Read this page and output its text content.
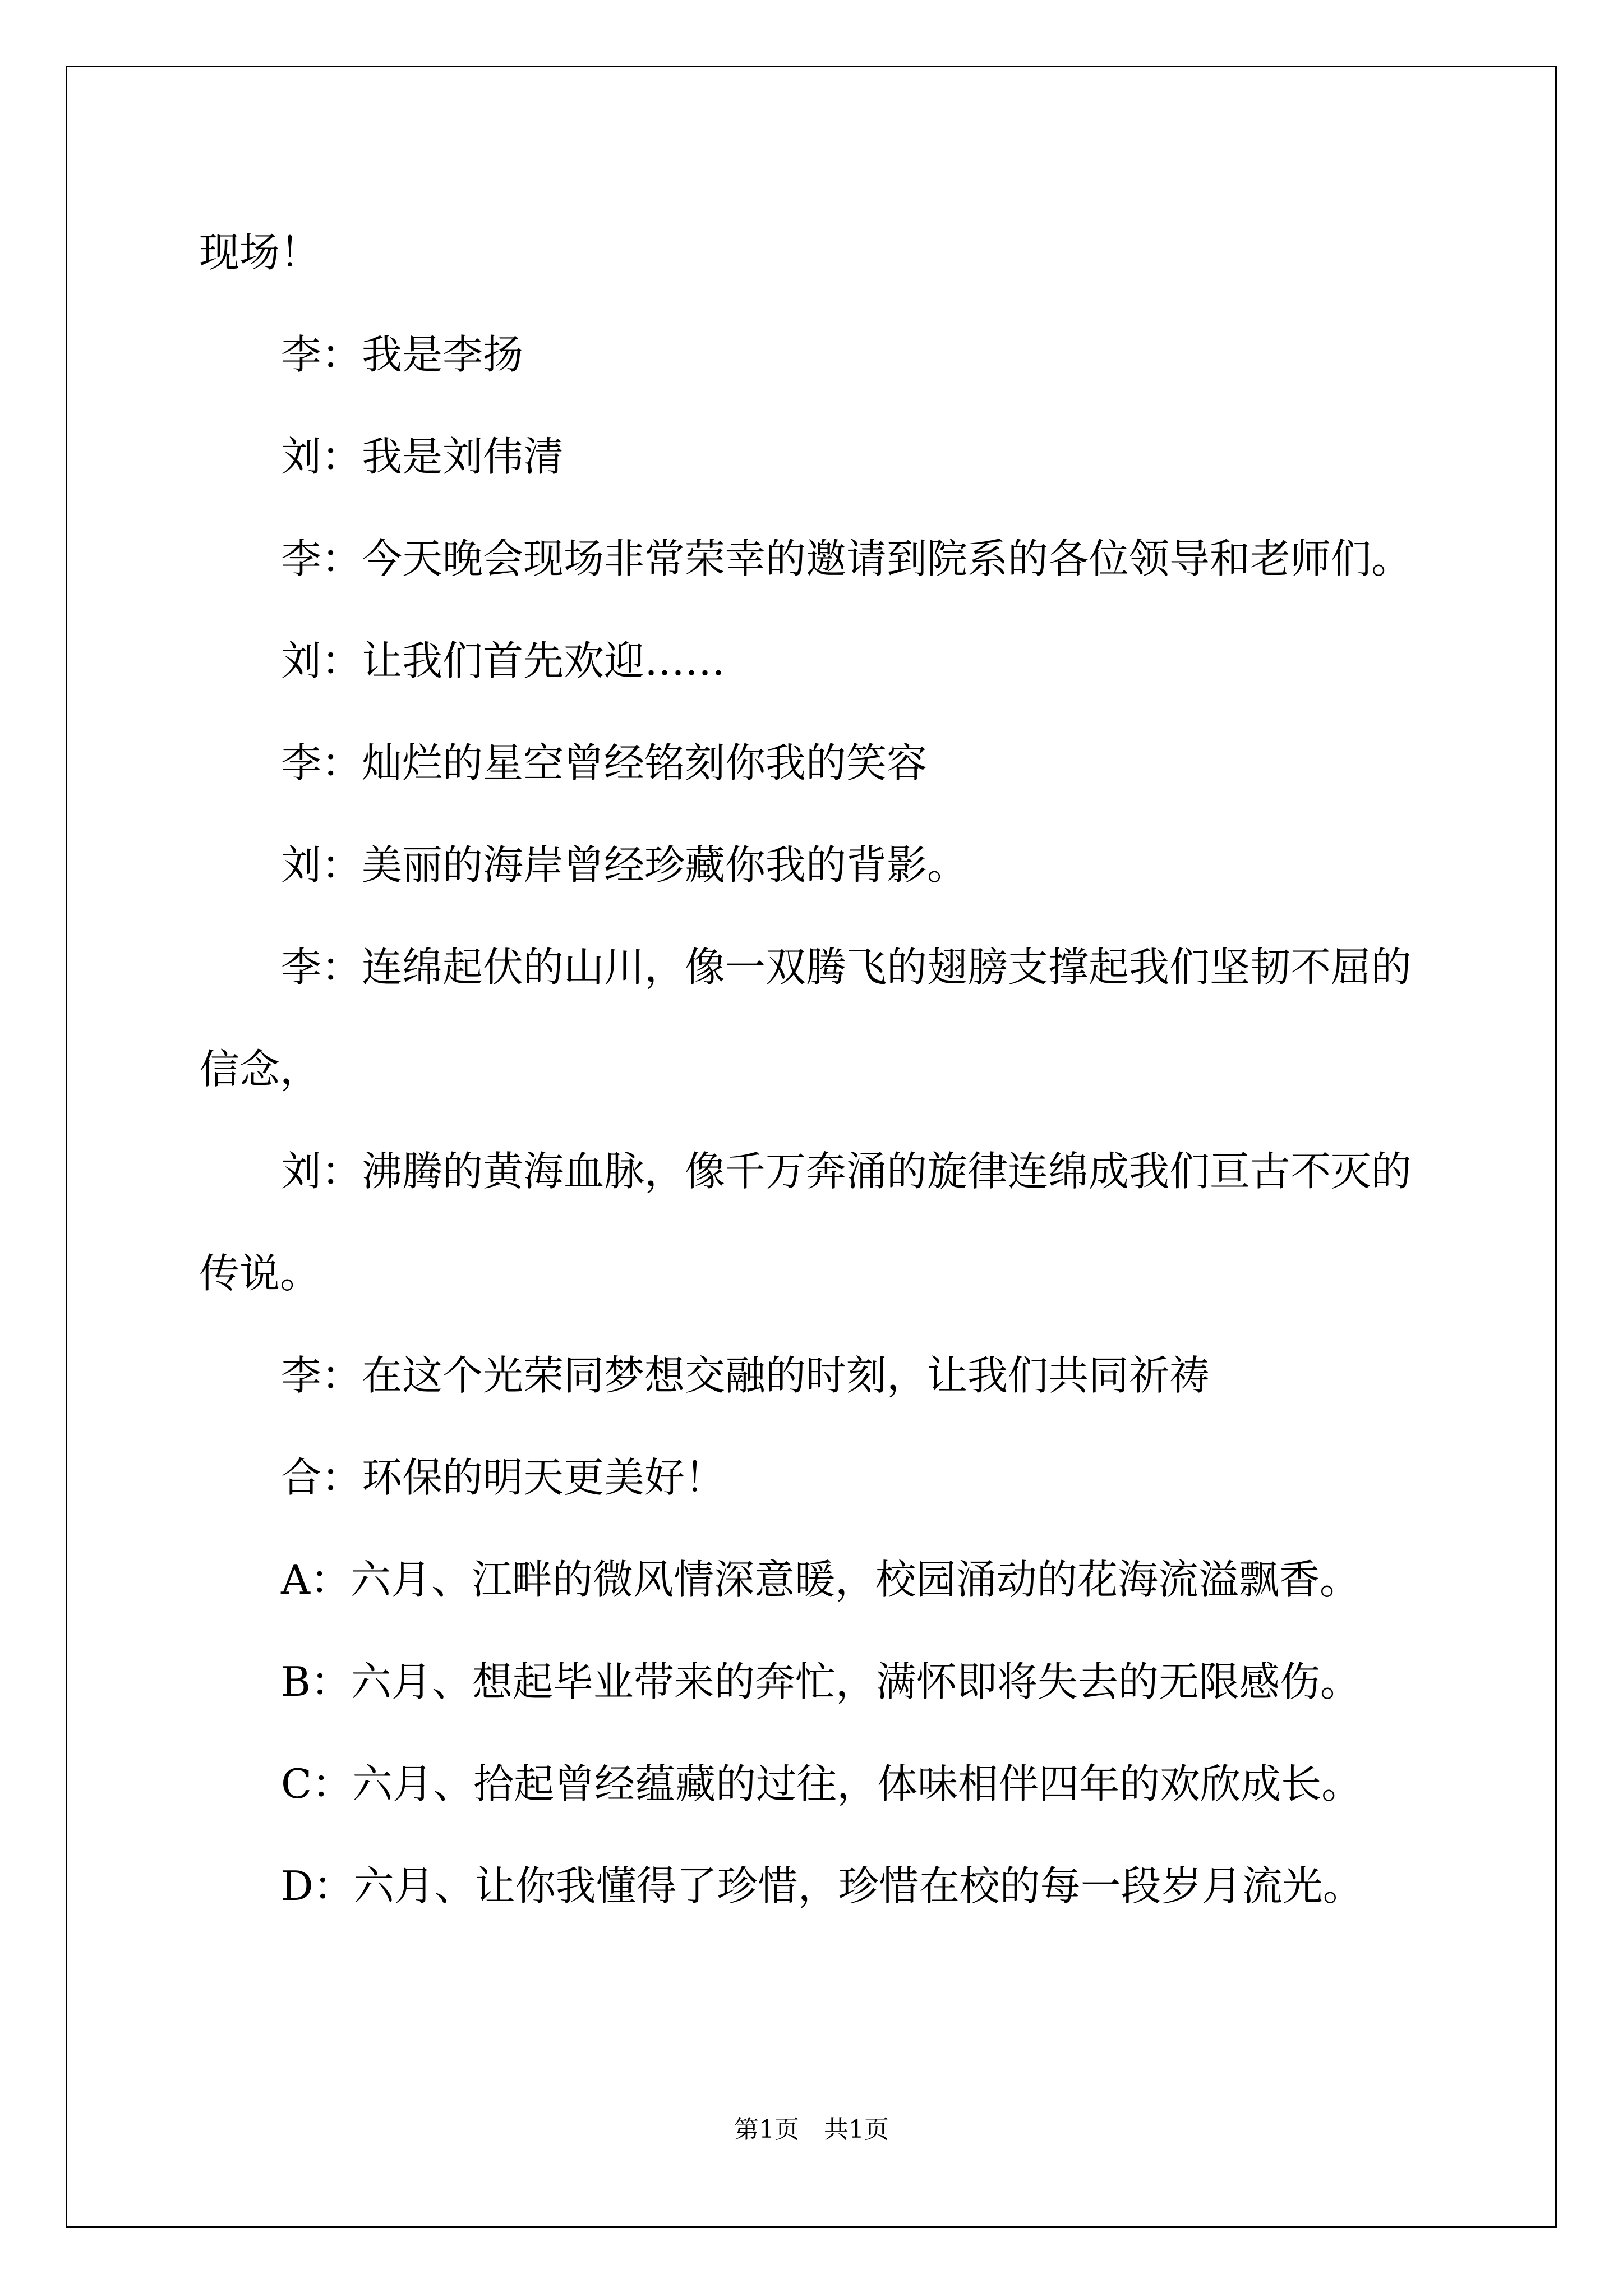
现场！
李：我是李扬
刘：我是刘伟清
李：今天晚会现场非常荣幸的邀请到院系的各位领导和老师们。
刘：让我们首先欢迎……
李：灿烂的星空曾经铭刻你我的笑容
刘：美丽的海岸曾经珍藏你我的背影。
李：连绵起伏的山川，像一双腾飞的翅膀支撑起我们坚韧不屈的
信念，
刘：沸腾的黄海血脉，像千万奔涌的旋律连绵成我们亘古不灭的
传说。
李：在这个光荣同梦想交融的时刻，让我们共同祈祷
合：环保的明天更美好！
A：六月、江畔的微风情深意暖，校园涌动的花海流溢飘香。
B：六月、想起毕业带来的奔忙，满怀即将失去的无限感伤。
C：六月、拾起曾经蕴藏的过往，体味相伴四年的欢欣成长。
D：六月、让你我懂得了珍惜，珍惜在校的每一段岁月流光。
第1页　共1页
